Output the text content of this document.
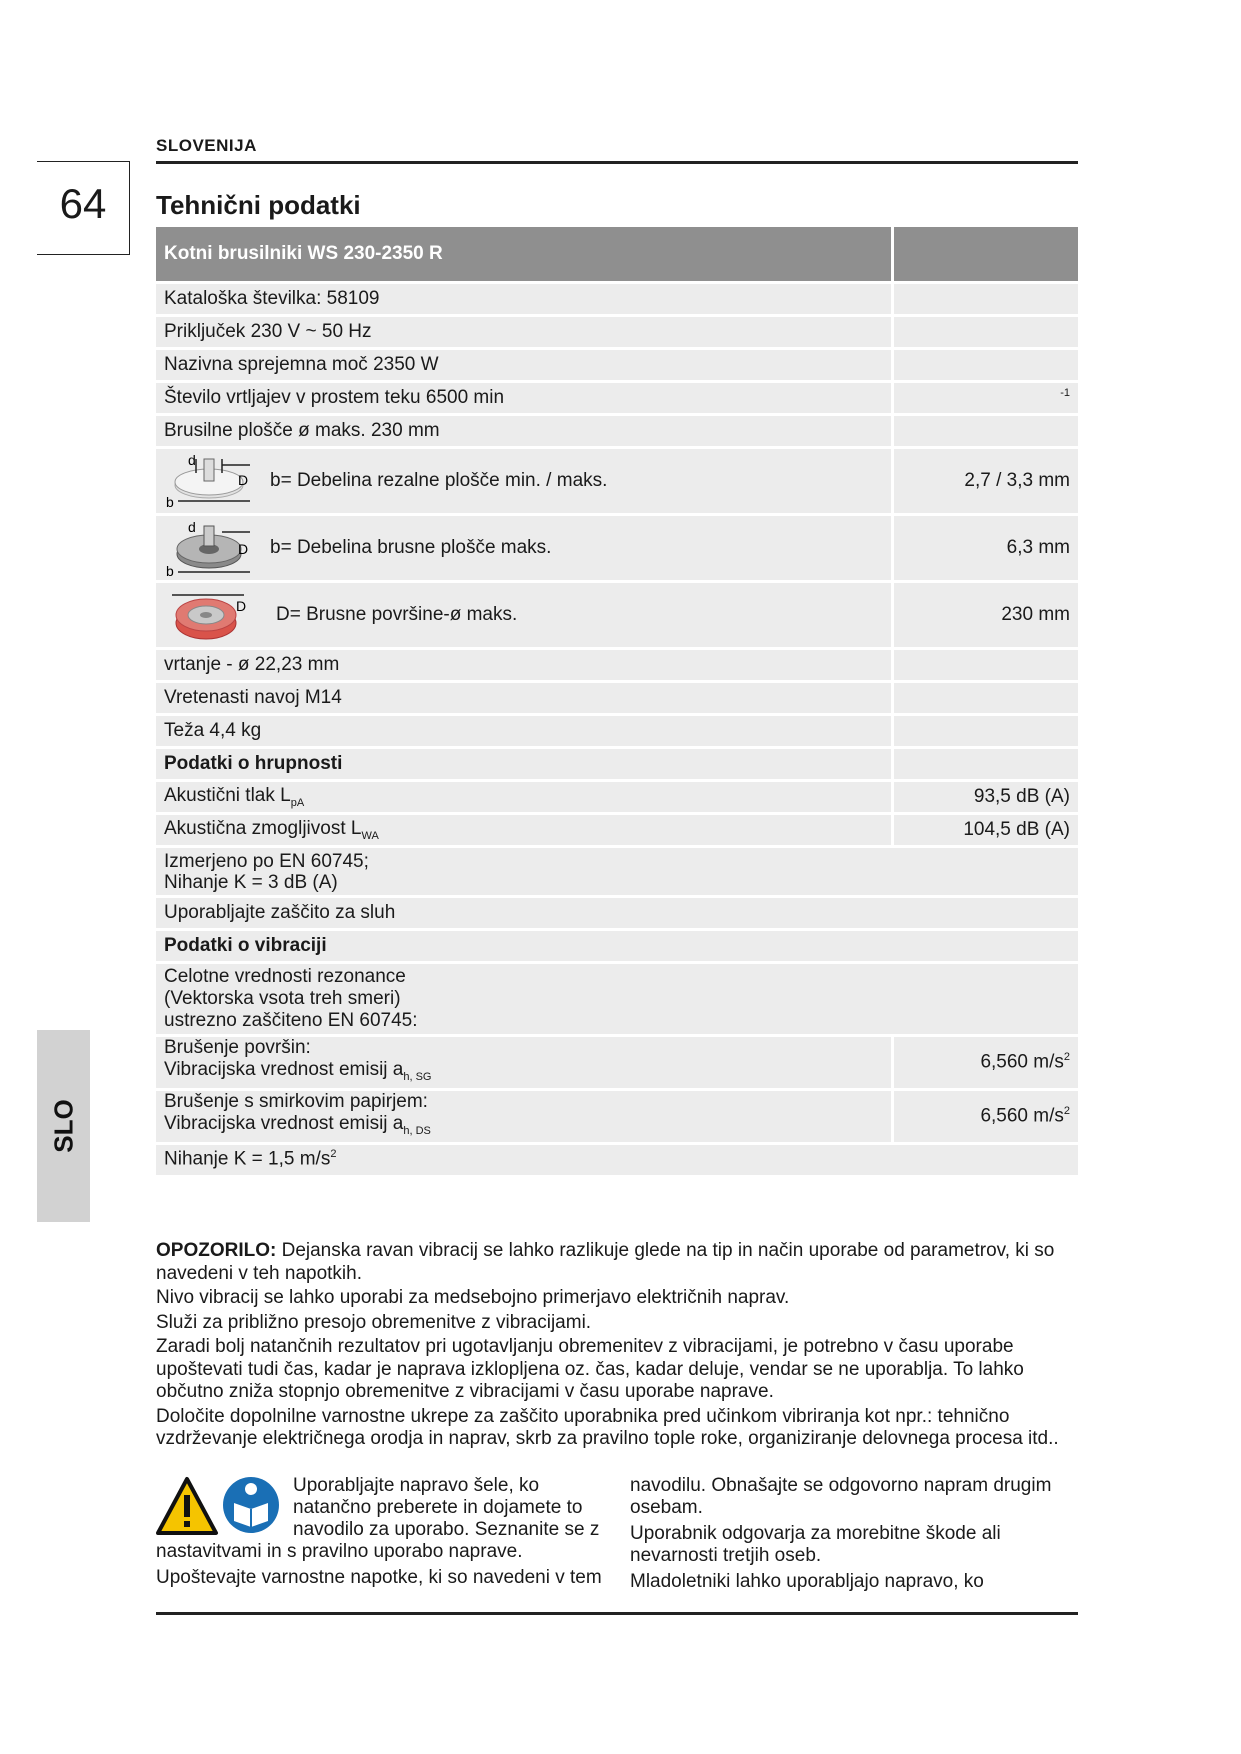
SLOVENIJA
64	Tehnični podatki
SLO
Kotni brusilniki WS 230-2350 R	
Kataloška številka: 58109	
Priključek 230 V ~ 50 Hz	
Nazivna sprejemna moč 2350 W	
Število vrtljajev v prostem teku 6500 min	$^{-1}$
Brusilne plošče ø maks. 230 mm	

d
D
b
b= Debelina rezalne plošče min. / maks.	2,7 / 3,3 mm

d
D
b
b= Debelina brusne plošče maks.	6,3 mm

D D= Brusne površine-ø maks.	230 mm
vrtanje - ø 22,23 mm	
Vretenasti navoj M14	
Teža 4,4 kg	
Podatki o hrupnosti	
Akustični tlak $L_{pA}$	93,5 dB (A)
Akustična zmogljivost $L_{WA}$	104,5 dB (A)

Izmerjeno po EN 60745;
Nihanje K = 3 dB (A)	

Uporabljajte zaščito za sluh	
Podatki o vibraciji	

Celotne vrednosti rezonance
(Vektorska vsota treh smeri)
ustrezno zaščiteno EN 60745:	

Brušenje površin:
Vibracijska vrednost emisij $a_{h, SG}$	6,560 $m/s^2$

Brušenje s smirkovim papirjem:
Vibracijska vrednost emisij $a_{h, DS}$	6,560 $m/s^2$
Nihanje K = 1,5 $m/s^2$

OPOZORILO: Dejanska ravan vibracij se lahko razlikuje glede na tip in način uporabe od parametrov, ki so navedeni v teh napotkih.

Nivo vibracij se lahko uporabi za medsebojno primerjavo električnih naprav.

Služi za približno presojo obremenitve z vibracijami.

Zaradi bolj natančnih rezultatov pri ugotavljanju obremenitev z vibracijami, je potrebno v času uporabe upoštevati tudi čas, kadar je naprava izklopljena oz. čas, kadar deluje, vendar se ne uporablja. To lahko občutno zniža stopnjo obremenitve z vibracijami v času uporabe naprave.

Določite dopolnilne varnostne ukrepe za zaščito uporabnika pred učinkom vibriranja kot npr.: tehnično vzdrževanje električnega orodja in naprav, skrb za pravilno tople roke, organiziranje delovnega procesa itd..

Uporabljajte napravo šele, ko natančno preberete in dojamete to navodilo za uporabo. Seznanite se z nastavitvami in s pravilno uporabo naprave.

Upoštevajte varnostne napotke, ki so navedeni v tem

navodilu. Obnašajte se odgovorno napram drugim osebam.

Uporabnik odgovarja za morebitne škode ali nevarnosti tretjih oseb.

Mladoletniki lahko uporabljajo napravo, ko
